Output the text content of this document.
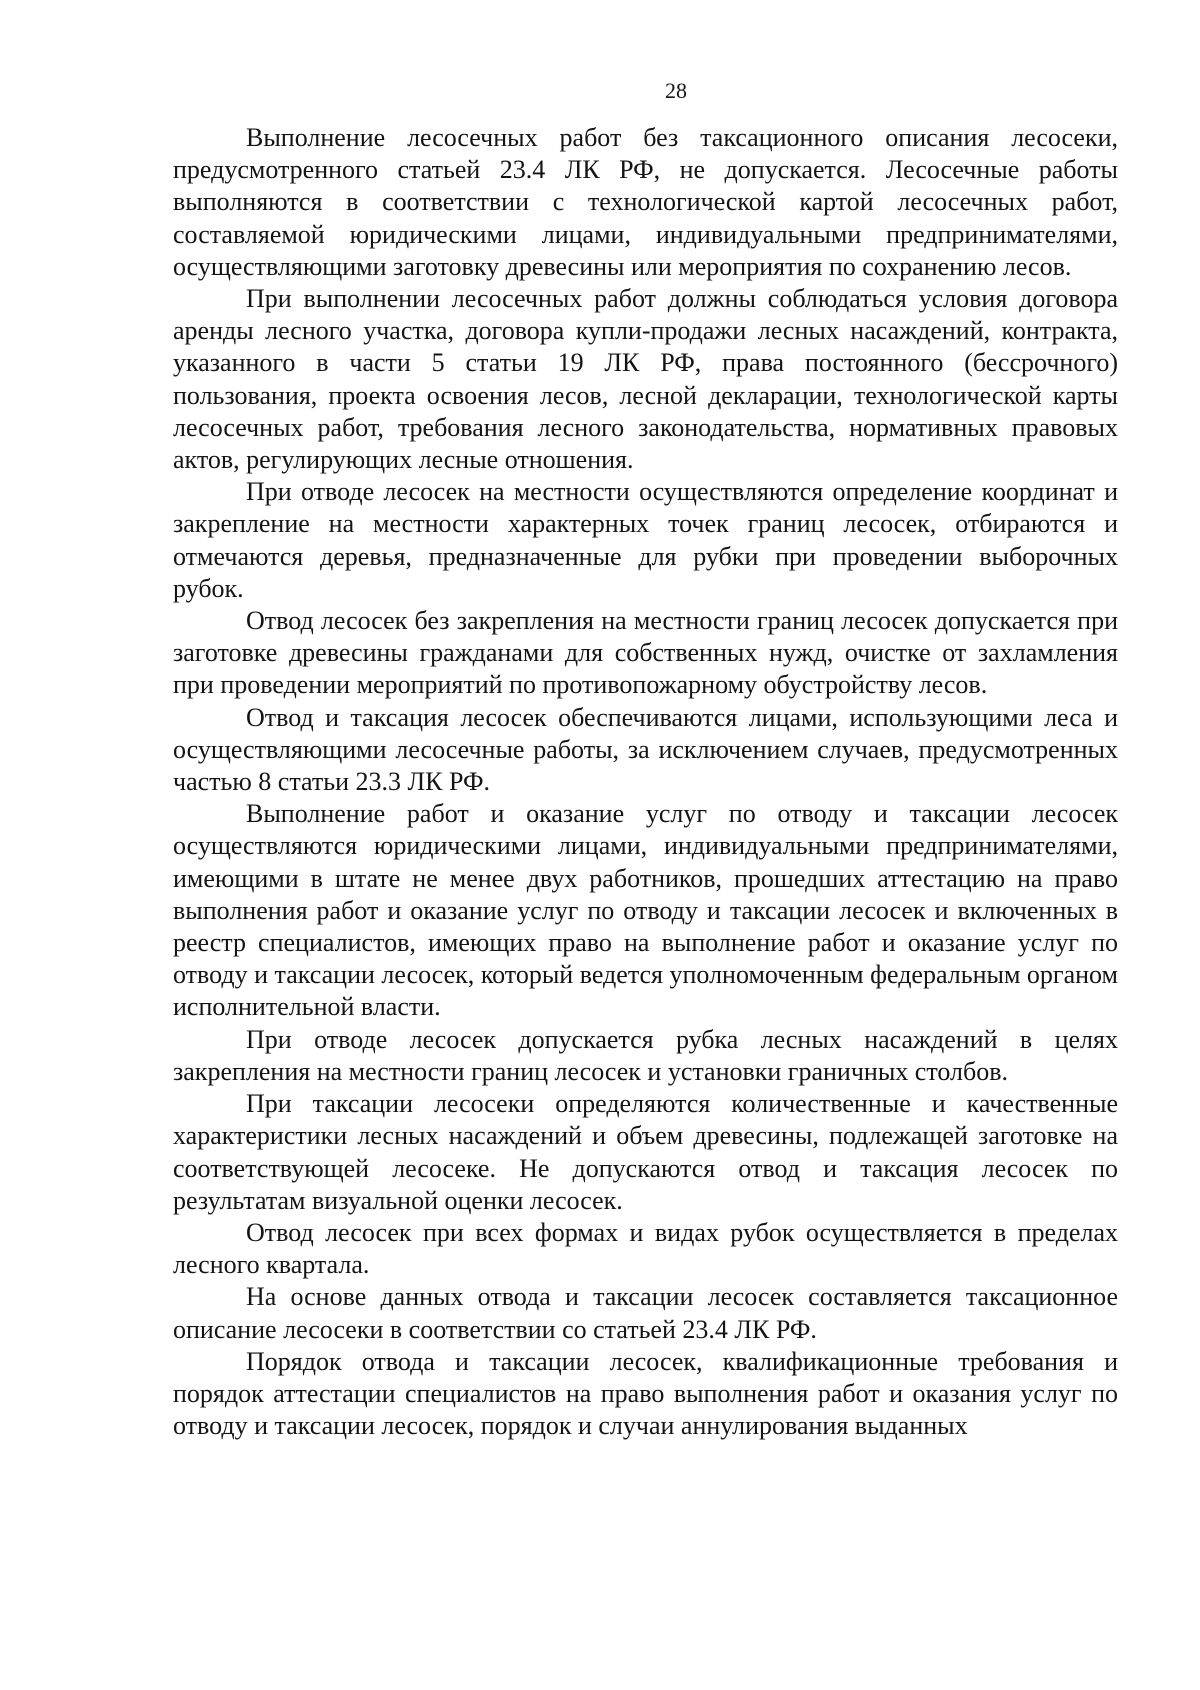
28

Выполнение лесосечных работ без таксационного описания лесосеки, предусмотренного статьей 23.4 ЛК РФ, не допускается. Лесосечные работы выполняются в соответствии с технологической картой лесосечных работ, составляемой юридическими лицами, индивидуальными предпринимателями, осуществляющими заготовку древесины или мероприятия по сохранению лесов.

При выполнении лесосечных работ должны соблюдаться условия договора аренды лесного участка, договора купли-продажи лесных насаждений, контракта, указанного в части 5 статьи 19 ЛК РФ, права постоянного (бессрочного) пользования, проекта освоения лесов, лесной декларации, технологической карты лесосечных работ, требования лесного законодательства, нормативных правовых актов, регулирующих лесные отношения.

При отводе лесосек на местности осуществляются определение координат и закрепление на местности характерных точек границ лесосек, отбираются и отмечаются деревья, предназначенные для рубки при проведении выборочных рубок.

Отвод лесосек без закрепления на местности границ лесосек допускается при заготовке древесины гражданами для собственных нужд, очистке от захламления при проведении мероприятий по противопожарному обустройству лесов.

Отвод и таксация лесосек обеспечиваются лицами, использующими леса и осуществляющими лесосечные работы, за исключением случаев, предусмотренных частью 8 статьи 23.3 ЛК РФ.

Выполнение работ и оказание услуг по отводу и таксации лесосек осуществляются юридическими лицами, индивидуальными предпринимателями, имеющими в штате не менее двух работников, прошедших аттестацию на право выполнения работ и оказание услуг по отводу и таксации лесосек и включенных в реестр специалистов, имеющих право на выполнение работ и оказание услуг по отводу и таксации лесосек, который ведется уполномоченным федеральным органом исполнительной власти.

При отводе лесосек допускается рубка лесных насаждений в целях закрепления на местности границ лесосек и установки граничных столбов.

При таксации лесосеки определяются количественные и качественные характеристики лесных насаждений и объем древесины, подлежащей заготовке на соответствующей лесосеке. Не допускаются отвод и таксация лесосек по результатам визуальной оценки лесосек.

Отвод лесосек при всех формах и видах рубок осуществляется в пределах лесного квартала.

На основе данных отвода и таксации лесосек составляется таксационное описание лесосеки в соответствии со статьей 23.4 ЛК РФ.

Порядок отвода и таксации лесосек, квалификационные требования и порядок аттестации специалистов на право выполнения работ и оказания услуг по отводу и таксации лесосек, порядок и случаи аннулирования выданных
